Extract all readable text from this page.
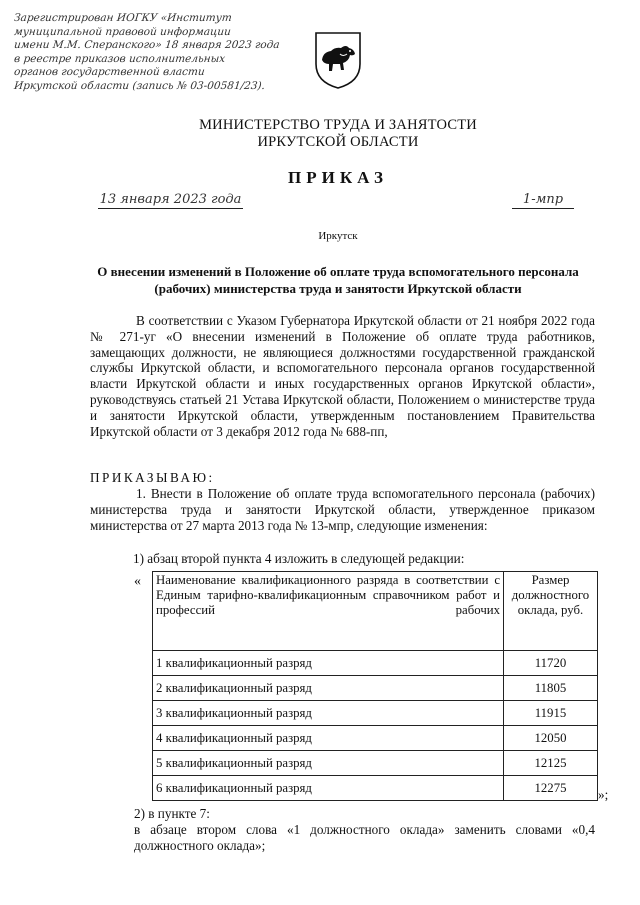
Зарегистрирован ИОГКУ «Институт
муниципальной правовой информации
имени М.М. Сперанского» 18 января 2023 года
в реестре приказов исполнительных
органов государственной власти
Иркутской области (запись № 03-00581/23).
МИНИСТЕРСТВО ТРУДА И ЗАНЯТОСТИ
ИРКУТСКОЙ ОБЛАСТИ
ПРИКАЗ
13 января 2023 года	1-мпр
Иркутск
О внесении изменений в Положение об оплате труда вспомогательного персонала (рабочих) министерства труда и занятости Иркутской области

В соответствии с Указом Губернатора Иркутской области от 21 ноября 2022 года № 271-уг «О внесении изменений в Положение об оплате труда работников, замещающих должности, не являющиеся должностями государственной гражданской службы Иркутской области, и вспомогательного персонала органов государственной власти Иркутской области и иных государственных органов Иркутской области», руководствуясь статьей 21 Устава Иркутской области, Положением о министерстве труда и занятости Иркутской области, утвержденным постановлением Правительства Иркутской области от 3 декабря 2012 года № 688-пп,

ПРИКАЗЫВАЮ:

1. Внести в Положение об оплате труда вспомогательного персонала (рабочих) министерства труда и занятости Иркутской области, утвержденное приказом министерства от 27 марта 2013 года № 13-мпр, следующие изменения:

1) абзац второй пункта 4 изложить в следующей редакции:
« Наименование квалификационного разряда в соответствии с Единым тарифно-квалификационным справочником работ и профессий рабочих	Размер должностного оклада, руб.
1 квалификационный разряд	11720
2 квалификационный разряд	11805
3 квалификационный разряд	11915
4 квалификационный разряд	12050
5 квалификационный разряд	12125
6 квалификационный разряд	12275 »;
2) в пункте 7:
в абзаце втором слова «1 должностного оклада» заменить словами «0,4 должностного оклада»;
